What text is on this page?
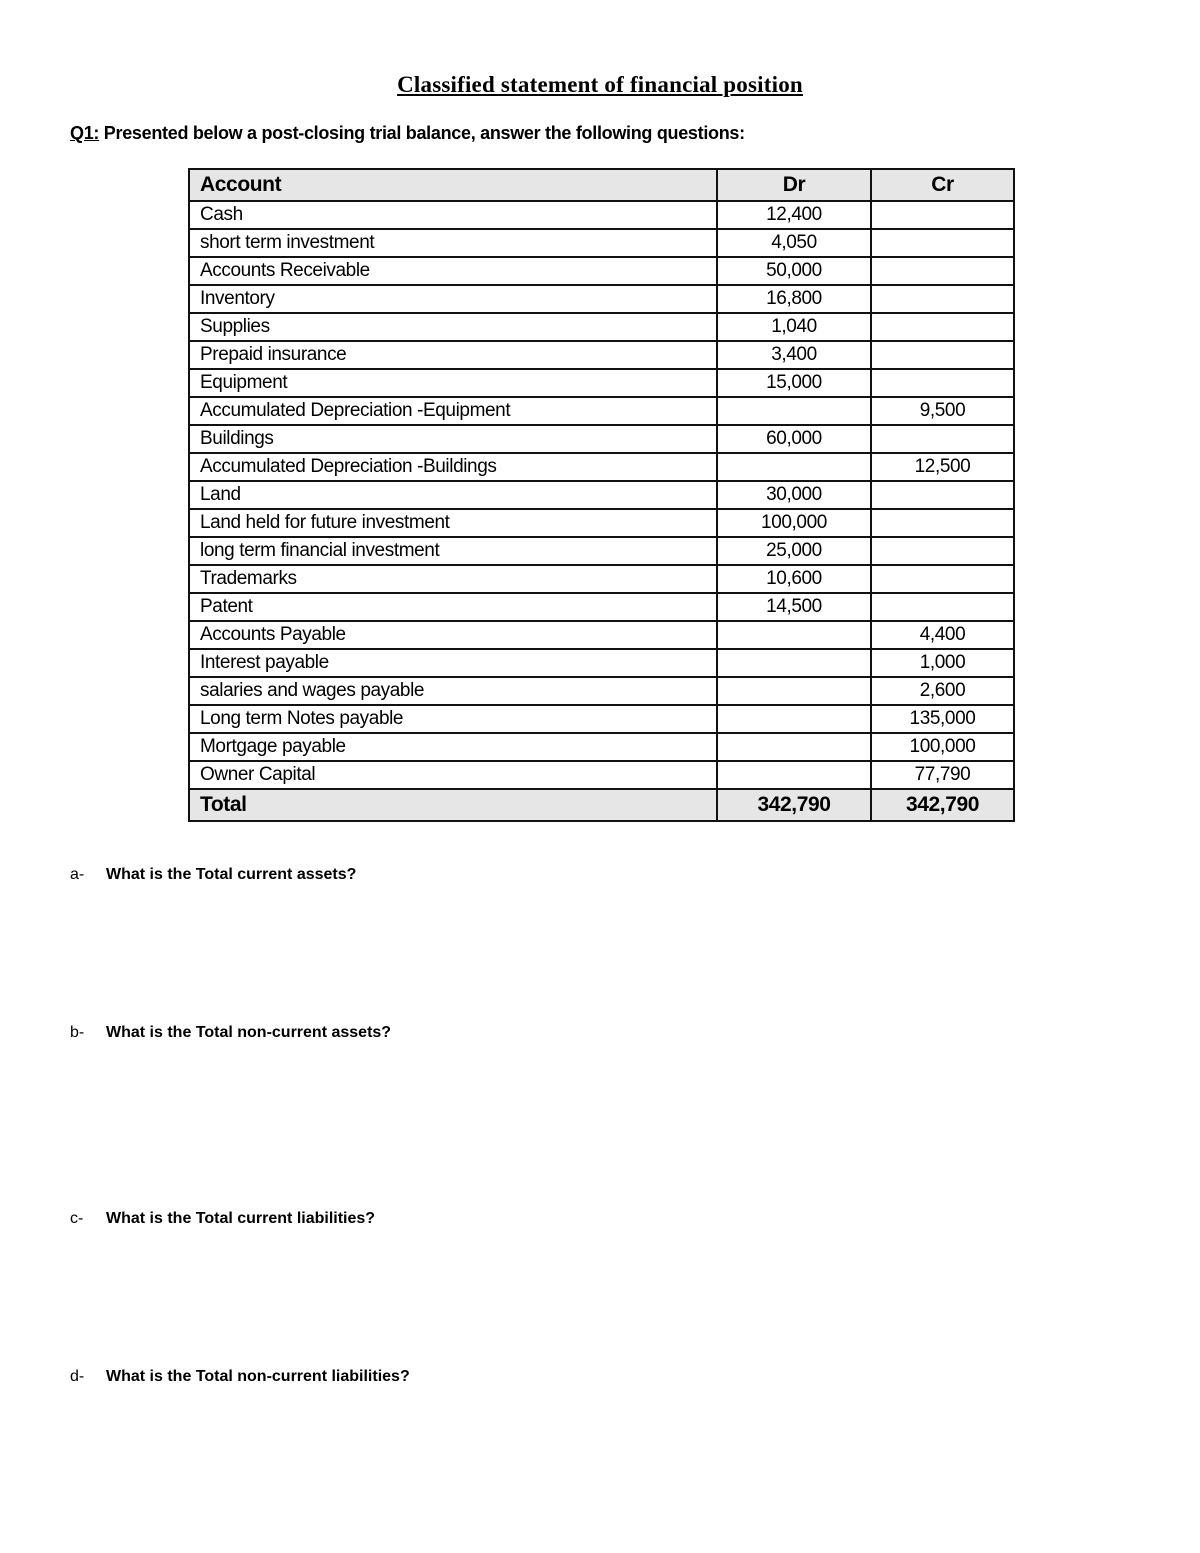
Classified statement of financial position
Q1: Presented below a post-closing trial balance, answer the following questions:
Account	Dr	Cr
Cash	12,400	
short term investment	4,050	
Accounts Receivable	50,000	
Inventory	16,800	
Supplies	1,040	
Prepaid insurance	3,400	
Equipment	15,000	
Accumulated Depreciation -Equipment		9,500
Buildings	60,000	
Accumulated Depreciation -Buildings		12,500
Land	30,000	
Land held for future investment	100,000	
long term financial investment	25,000	
Trademarks	10,600	
Patent	14,500	
Accounts Payable		4,400
Interest payable		1,000
salaries and wages payable		2,600
Long term Notes payable		135,000
Mortgage payable		100,000
Owner Capital		77,790
Total	342,790	342,790
a- What is the Total current assets?
b- What is the Total non-current assets?
c- What is the Total current liabilities?
d- What is the Total non-current liabilities?
